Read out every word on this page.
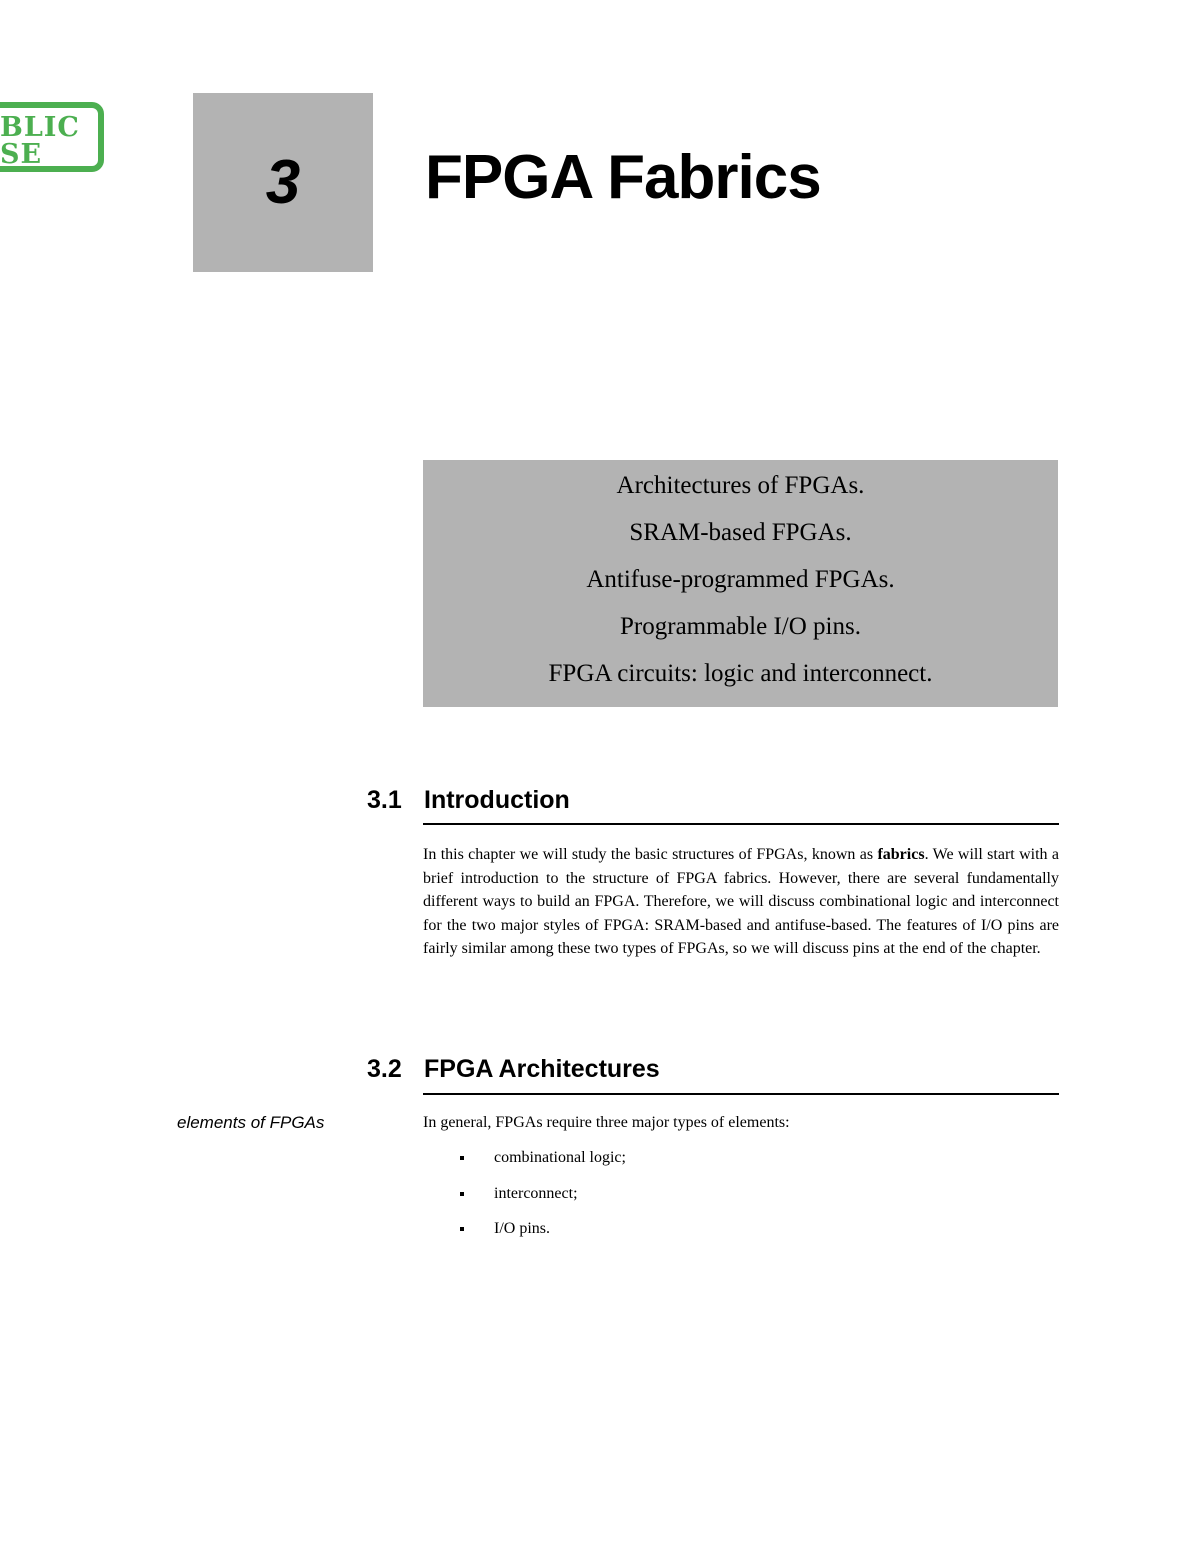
BLIC
SE	3 FPGA Fabrics
Architectures of FPGAs.
SRAM-based FPGAs.
Antifuse-programmed FPGAs.
Programmable I/O pins.
FPGA circuits: logic and interconnect.
3.1 Introduction

In this chapter we will study the basic structures of FPGAs, known as fabrics. We will start with a brief introduction to the structure of FPGA fabrics. However, there are several fundamentally different ways to build an FPGA. Therefore, we will discuss combinational logic and interconnect for the two major styles of FPGA: SRAM-based and antifuse-based. The features of I/O pins are fairly similar among these two types of FPGAs, so we will discuss pins at the end of the chapter.

3.2 FPGA Architectures
elements of FPGAs	In general, FPGAs require three major types of elements:

combinational logic;
interconnect;
I/O pins.
